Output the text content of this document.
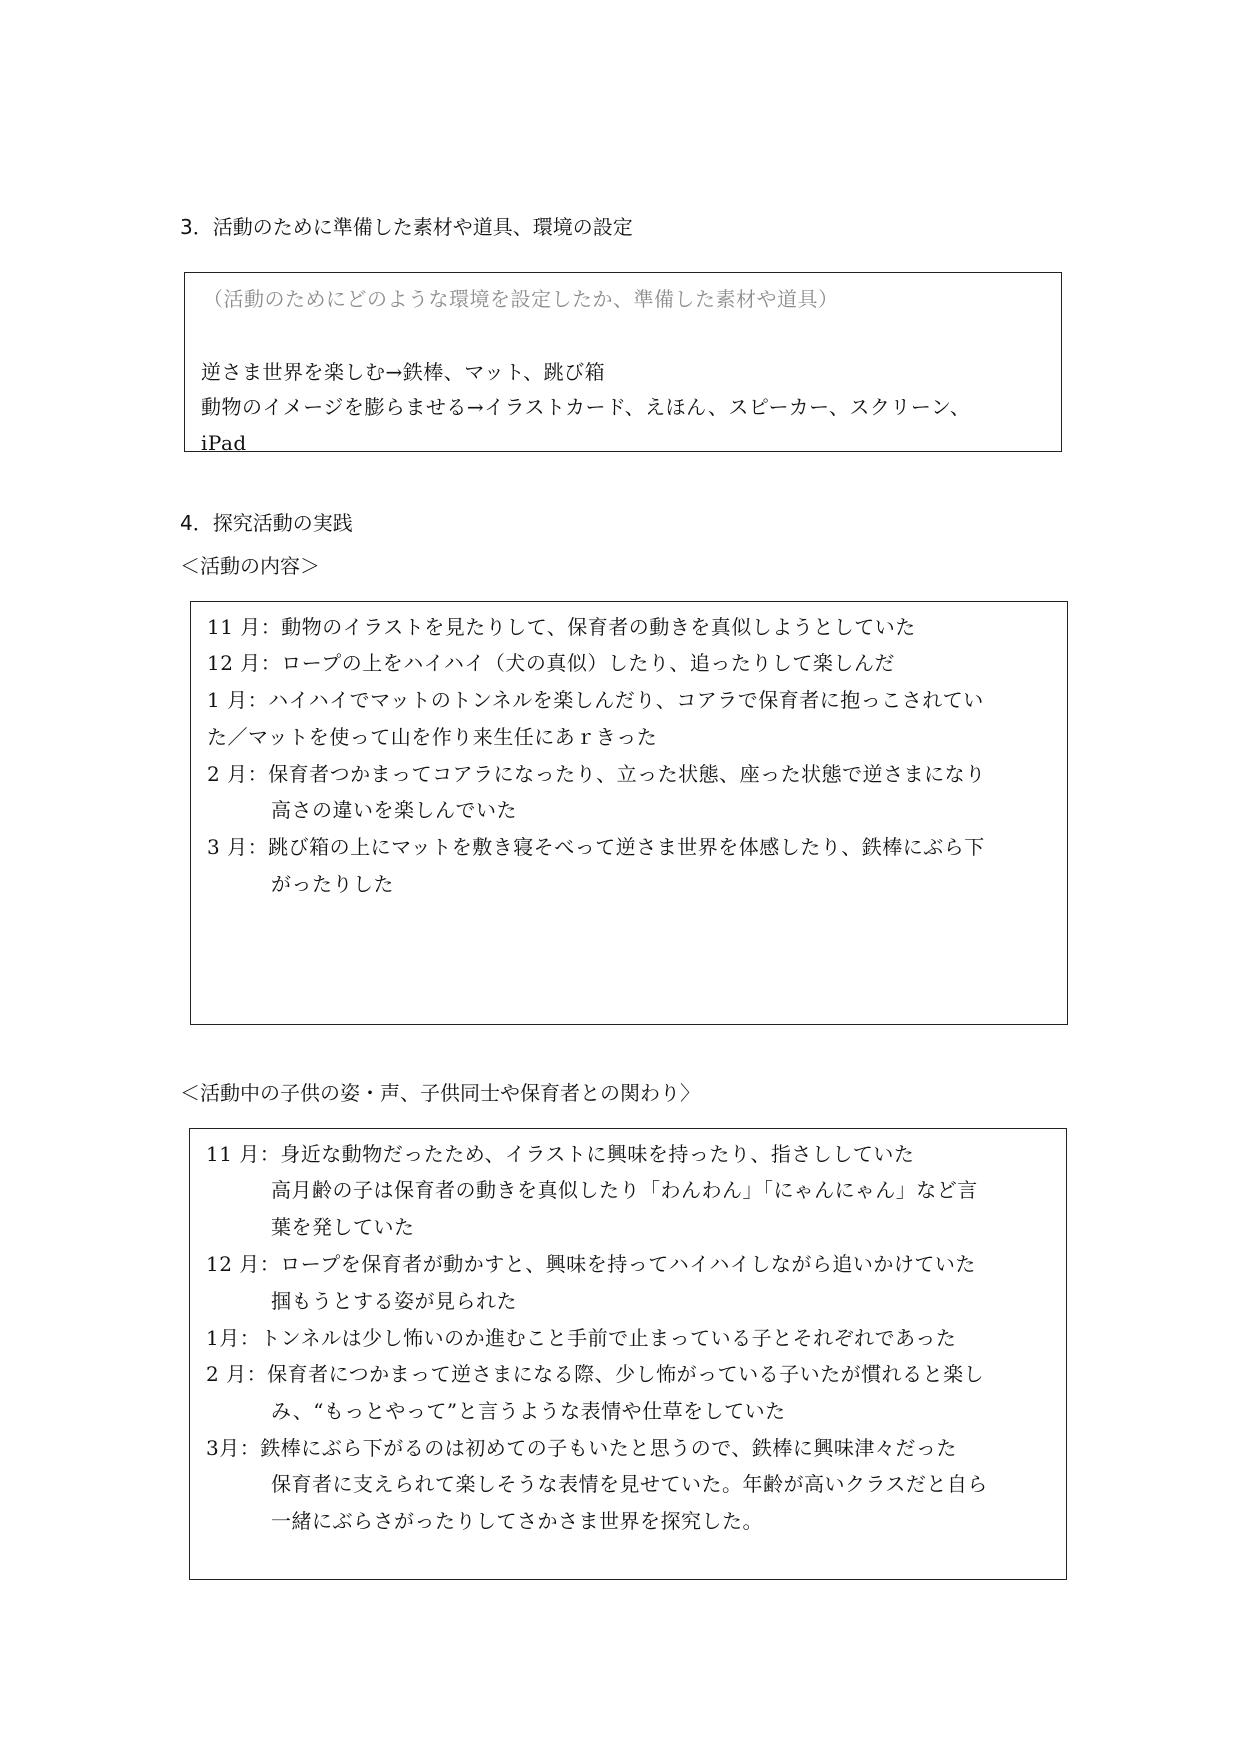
3．活動のために準備した素材や道具、環境の設定
（活動のためにどのような環境を設定したか、準備した素材や道具）
逆さま世界を楽しむ→鉄棒、マット、跳び箱
動物のイメージを膨らませる→イラストカード、えほん、スピーカー、スクリーン、
iPad
4．探究活動の実践
＜活動の内容＞
11 月：動物のイラストを見たりして、保育者の動きを真似しようとしていた
12 月：ロープの上をハイハイ（犬の真似）したり、追ったりして楽しんだ
1 月：ハイハイでマットのトンネルを楽しんだり、コアラで保育者に抱っこされてい
た／マットを使って山を作り来生任にあｒきった
2 月：保育者つかまってコアラになったり、立った状態、座った状態で逆さまになり
高さの違いを楽しんでいた
3 月：跳び箱の上にマットを敷き寝そべって逆さま世界を体感したり、鉄棒にぶら下
がったりした
＜活動中の子供の姿・声、子供同士や保育者との関わり〉
11 月：身近な動物だったため、イラストに興味を持ったり、指さししていた
高月齢の子は保育者の動きを真似したり「わんわん」「にゃんにゃん」など言
葉を発していた
12 月：ロープを保育者が動かすと、興味を持ってハイハイしながら追いかけていた
掴もうとする姿が見られた
1月：トンネルは少し怖いのか進むこと手前で止まっている子とそれぞれであった
2 月：保育者につかまって逆さまになる際、少し怖がっている子いたが慣れると楽し
み、“もっとやって”と言うような表情や仕草をしていた
3月：鉄棒にぶら下がるのは初めての子もいたと思うので、鉄棒に興味津々だった
保育者に支えられて楽しそうな表情を見せていた。年齢が高いクラスだと自ら
一緒にぶらさがったりしてさかさま世界を探究した。
